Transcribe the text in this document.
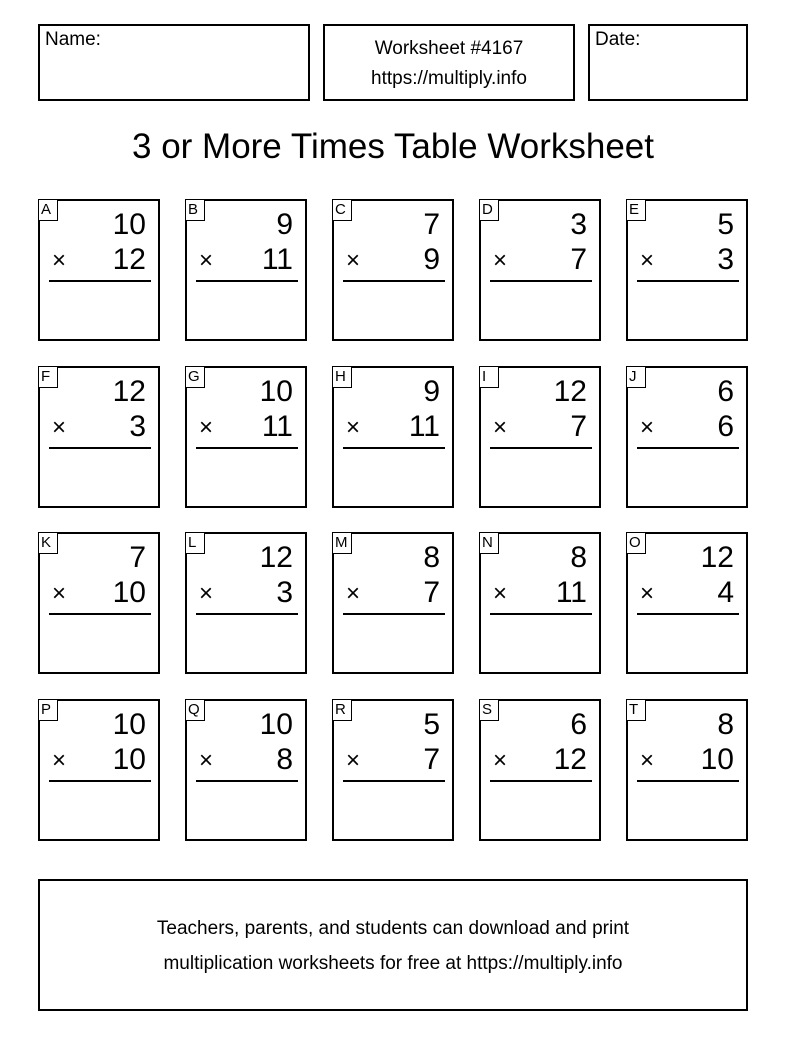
Name:	Worksheet #4167
https://multiply.info
Date:
3 or More Times Table Worksheet
A 10
× 12
B	9
× 11
C	7
× 9
D	3
× 7
E	5
× 3
F 12
× 3
G 10
× 11
H	9
× 11
I	12
× 7
J	6
× 6
K	7
× 10
L 12
× 3
M	8
× 7
N	8
× 11
O 12
× 4
P 10
× 10
Q 10
× 8
R	5
× 7
S	6
× 12
T	8
× 10
Teachers, parents, and students can download and print
multiplication worksheets for free at https://multiply.info
